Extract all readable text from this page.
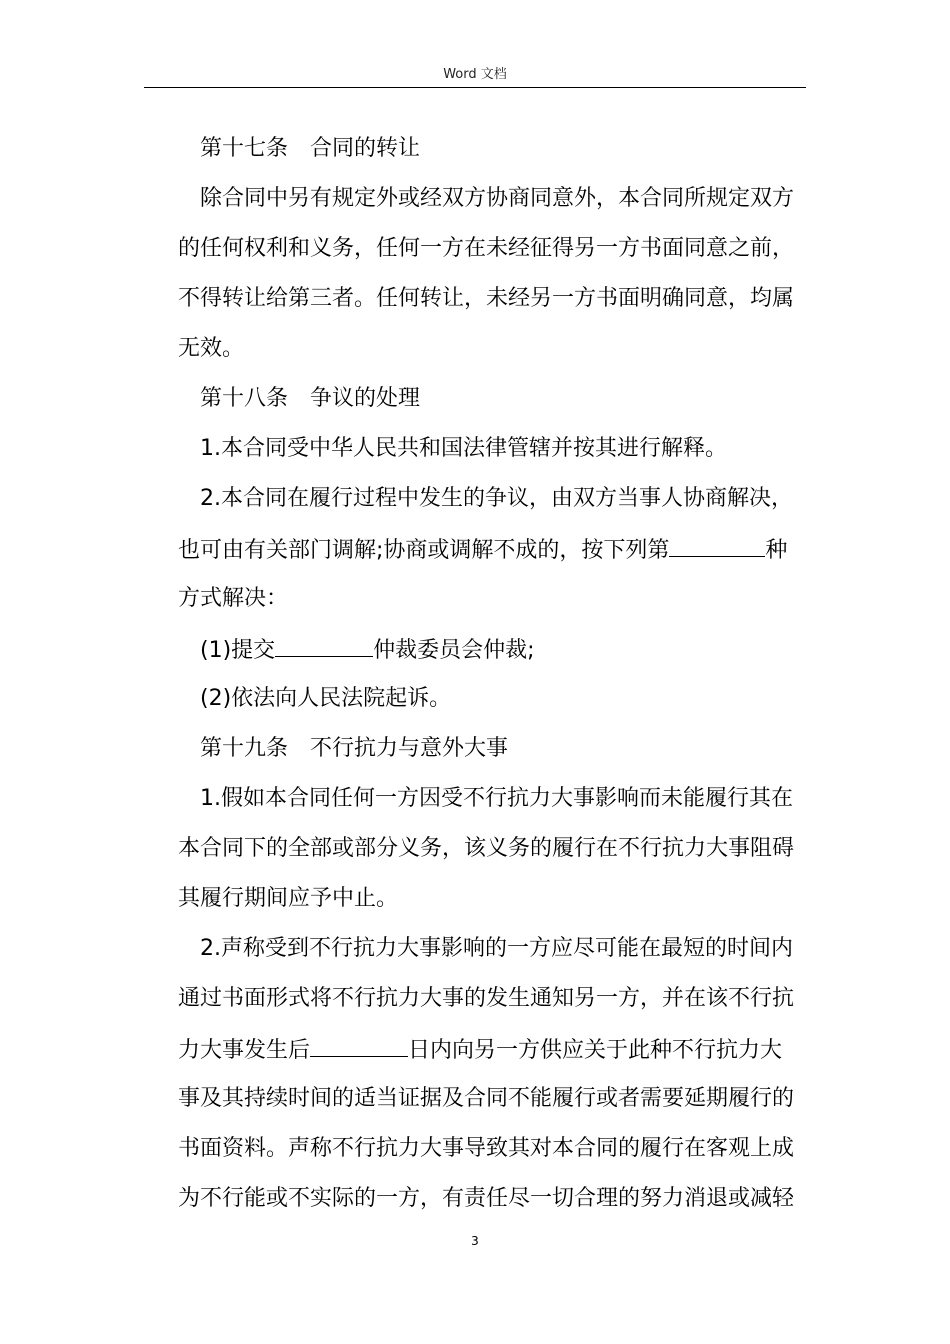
Word 文档
第十七条　合同的转让
除合同中另有规定外或经双方协商同意外，本合同所规定双方
的任何权利和义务，任何一方在未经征得另一方书面同意之前，
不得转让给第三者。任何转让，未经另一方书面明确同意，均属
无效。
第十八条　争议的处理
1.本合同受中华人民共和国法律管辖并按其进行解释。
2.本合同在履行过程中发生的争议，由双方当事人协商解决，
也可由有关部门调解;协商或调解不成的，按下列第	种
方式解决：
(1)提交	仲裁委员会仲裁;
(2)依法向人民法院起诉。
第十九条　不行抗力与意外大事
1.假如本合同任何一方因受不行抗力大事影响而未能履行其在
本合同下的全部或部分义务，该义务的履行在不行抗力大事阻碍
其履行期间应予中止。
2.声称受到不行抗力大事影响的一方应尽可能在最短的时间内
通过书面形式将不行抗力大事的发生通知另一方，并在该不行抗
力大事发生后	日内向另一方供应关于此种不行抗力大
事及其持续时间的适当证据及合同不能履行或者需要延期履行的
书面资料。声称不行抗力大事导致其对本合同的履行在客观上成
为不行能或不实际的一方，有责任尽一切合理的努力消退或减轻
3
